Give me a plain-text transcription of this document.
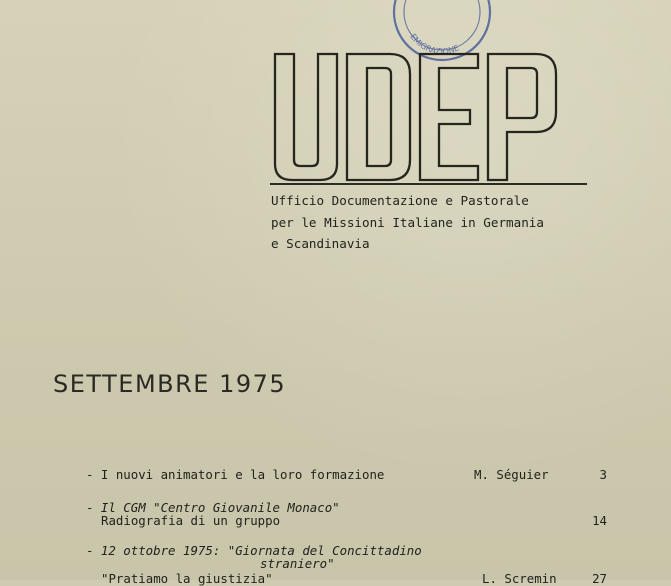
EMIGRAZIONE
Ufficio Documentazione e Pastorale
per le Missioni Italiane in Germania
e Scandinavia
SETTEMBRE 1975
- I nuovi animatori e la loro formazione	M. Séguier	3
- Il CGM "Centro Giovanile Monaco"
Radiografia di un gruppo	14
- 12 ottobre 1975: "Giornata del Concittadino
straniero"
"Pratiamo la giustizia"	L. Scremin	27
